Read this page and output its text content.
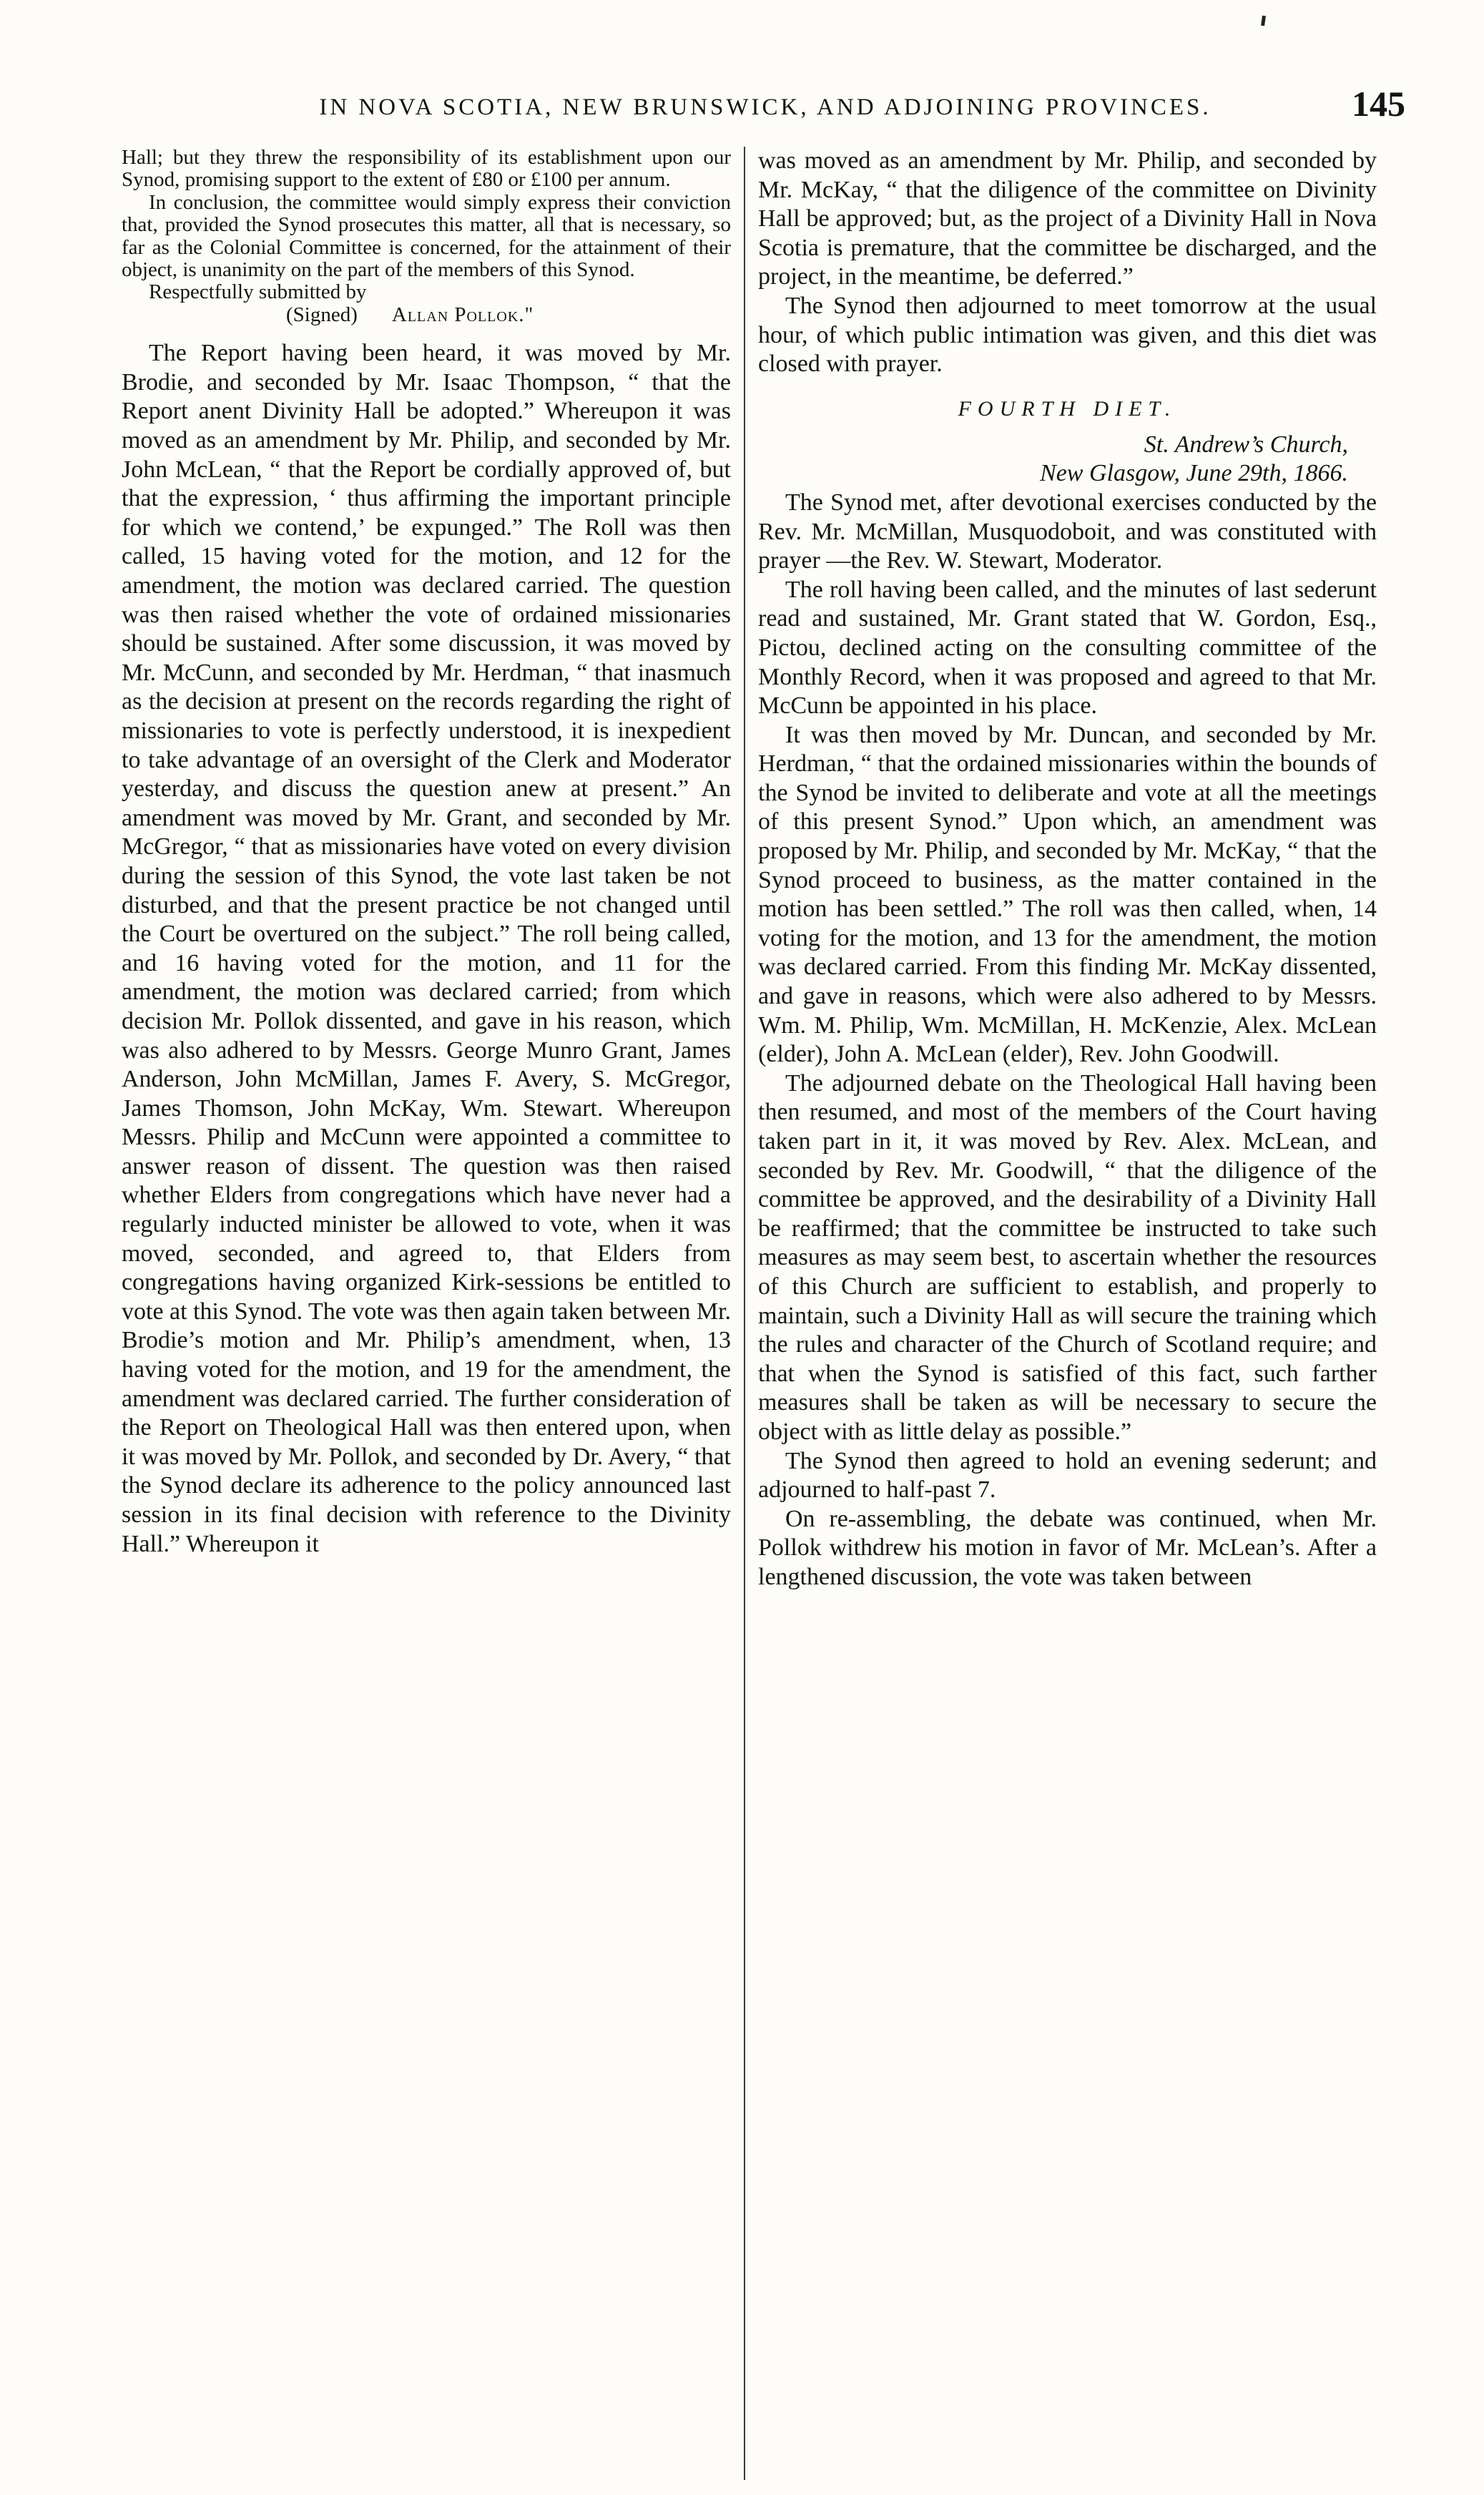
IN NOVA SCOTIA, NEW BRUNSWICK, AND ADJOINING PROVINCES.	145

Hall; but they threw the responsibility of its establishment upon our Synod, promising support to the extent of £80 or £100 per annum.

In conclusion, the committee would simply express their conviction that, provided the Synod prosecutes this matter, all that is necessary, so far as the Colonial Committee is concerned, for the attainment of their object, is unanimity on the part of the members of this Synod.

Respectfully submitted by

(Signed) Allan Pollok."

The Report having been heard, it was moved by Mr. Brodie, and seconded by Mr. Isaac Thompson, “ that the Report anent Divinity Hall be adopted.” Whereupon it was moved as an amendment by Mr. Philip, and seconded by Mr. John McLean, “ that the Report be cordially approved of, but that the expression, ‘ thus affirming the important principle for which we contend,’ be expunged.” The Roll was then called, 15 having voted for the motion, and 12 for the amendment, the motion was declared carried. The question was then raised whether the vote of ordained missionaries should be sustained. After some discussion, it was moved by Mr. McCunn, and seconded by Mr. Herdman, “ that inasmuch as the decision at present on the records regarding the right of missionaries to vote is perfectly understood, it is inexpedient to take advantage of an oversight of the Clerk and Moderator yesterday, and discuss the question anew at present.” An amendment was moved by Mr. Grant, and seconded by Mr. McGregor, “ that as missionaries have voted on every division during the session of this Synod, the vote last taken be not disturbed, and that the present practice be not changed until the Court be overtured on the subject.” The roll being called, and 16 having voted for the motion, and 11 for the amendment, the motion was declared carried; from which decision Mr. Pollok dissented, and gave in his reason, which was also adhered to by Messrs. George Munro Grant, James Anderson, John McMillan, James F. Avery, S. McGregor, James Thomson, John McKay, Wm. Stewart. Whereupon Messrs. Philip and McCunn were appointed a committee to answer reason of dissent. The question was then raised whether Elders from congregations which have never had a regularly inducted minister be allowed to vote, when it was moved, seconded, and agreed to, that Elders from congregations having organized Kirk-sessions be entitled to vote at this Synod. The vote was then again taken between Mr. Brodie’s motion and Mr. Philip’s amendment, when, 13 having voted for the motion, and 19 for the amendment, the amendment was declared carried. The further consideration of the Report on Theological Hall was then entered upon, when it was moved by Mr. Pollok, and seconded by Dr. Avery, “ that the Synod declare its adherence to the policy announced last session in its final decision with reference to the Divinity Hall.” Whereupon it

was moved as an amendment by Mr. Philip, and seconded by Mr. McKay, “ that the diligence of the committee on Divinity Hall be approved; but, as the project of a Divinity Hall in Nova Scotia is premature, that the committee be discharged, and the project, in the meantime, be deferred.”

The Synod then adjourned to meet tomorrow at the usual hour, of which public intimation was given, and this diet was closed with prayer.

FOURTH DIET.
St. Andrew’s Church,
New Glasgow, June 29th, 1866.

The Synod met, after devotional exercises conducted by the Rev. Mr. McMillan, Musquodoboit, and was constituted with prayer —the Rev. W. Stewart, Moderator.

The roll having been called, and the minutes of last sederunt read and sustained, Mr. Grant stated that W. Gordon, Esq., Pictou, declined acting on the consulting committee of the Monthly Record, when it was proposed and agreed to that Mr. McCunn be appointed in his place.

It was then moved by Mr. Duncan, and seconded by Mr. Herdman, “ that the ordained missionaries within the bounds of the Synod be invited to deliberate and vote at all the meetings of this present Synod.” Upon which, an amendment was proposed by Mr. Philip, and seconded by Mr. McKay, “ that the Synod proceed to business, as the matter contained in the motion has been settled.” The roll was then called, when, 14 voting for the motion, and 13 for the amendment, the motion was declared carried. From this finding Mr. McKay dissented, and gave in reasons, which were also adhered to by Messrs. Wm. M. Philip, Wm. McMillan, H. McKenzie, Alex. McLean (elder), John A. McLean (elder), Rev. John Goodwill.

The adjourned debate on the Theological Hall having been then resumed, and most of the members of the Court having taken part in it, it was moved by Rev. Alex. McLean, and seconded by Rev. Mr. Goodwill, “ that the diligence of the committee be approved, and the desirability of a Divinity Hall be reaffirmed; that the committee be instructed to take such measures as may seem best, to ascertain whether the resources of this Church are sufficient to establish, and properly to maintain, such a Divinity Hall as will secure the training which the rules and character of the Church of Scotland require; and that when the Synod is satisfied of this fact, such farther measures shall be taken as will be necessary to secure the object with as little delay as possible.”

The Synod then agreed to hold an evening sederunt; and adjourned to half-past 7.

On re-assembling, the debate was continued, when Mr. Pollok withdrew his motion in favor of Mr. McLean’s. After a lengthened discussion, the vote was taken between
